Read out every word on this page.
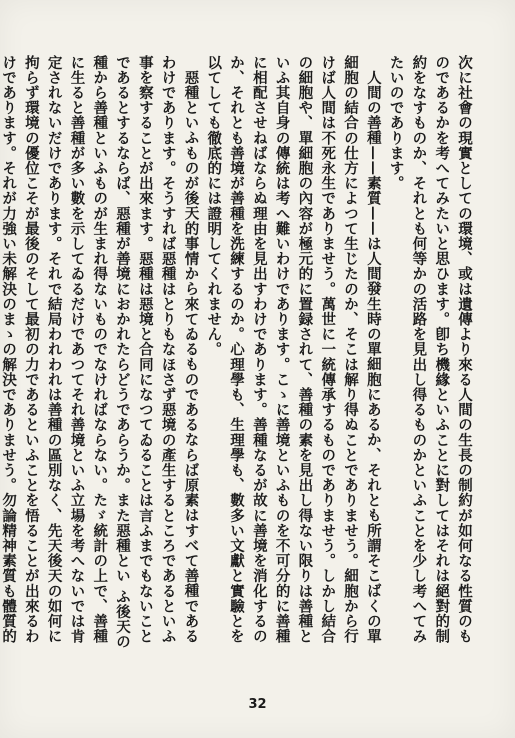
次に社會の現實としての環境、或は遺傳より來る人間の生長の制約が如何なる性質のものであるかを考へてみたいと思ひます。卽ち機緣といふことに對してはそれは絕對的制約をなすものか、それとも何等かの活路を見出し得るものかといふことを少し考へてみたいのであります。

人間の善種——素質——は人間發生時の單細胞にあるか、それとも所謂そこばくの單細胞の結合の仕方によつて生じたのか、そこは解り得ぬことでありませう。細胞から行けば人間は不死永生でありませう。萬世に一統傳承するものでありませう。しかし結合の細胞や、單細胞の內容が極元的に置録されて、善種の素を見出し得ない限りは善種といふ其自身の傳統は考へ難いわけであります。こゝに善境といふものを不可分的に善種に相配させねばならぬ理由を見出すわけであります。善種なるが故に善境を消化するのか、それとも善境が善種を洗練するのか。心理學も、生理學も、數多い文獻と實驗とを以てしても徹底的には證明してくれません。

惡種といふものが後天的事情から來てゐるものであるならば原素はすべて善種であるわけであります。そうすれば惡種はとりもなほさず惡境の產生するところであるといふ事を察することが出來ます。惡種は惡境と合同になつてゐることは言ふまでもないことであるとするならば、惡種が善境におかれたらどうであらうか。また惡種とい ふ後天の種から善種といふものが生まれ得ないものでなければならない。たゞ統計の上で、善種に生ると善種が多い數を示してゐるだけであつてそれ善境といふ立場を考へないでは肯定されないだけであります。それで結局われわれは善種の區別なく、先天後天の如何に拘らず環境の優位こそが最後のそして最初の力であるといふことを悟ることが出來るわけであります。それが力強い未解決のまゝの解決でありませう。勿論精神素質も體質的

32
